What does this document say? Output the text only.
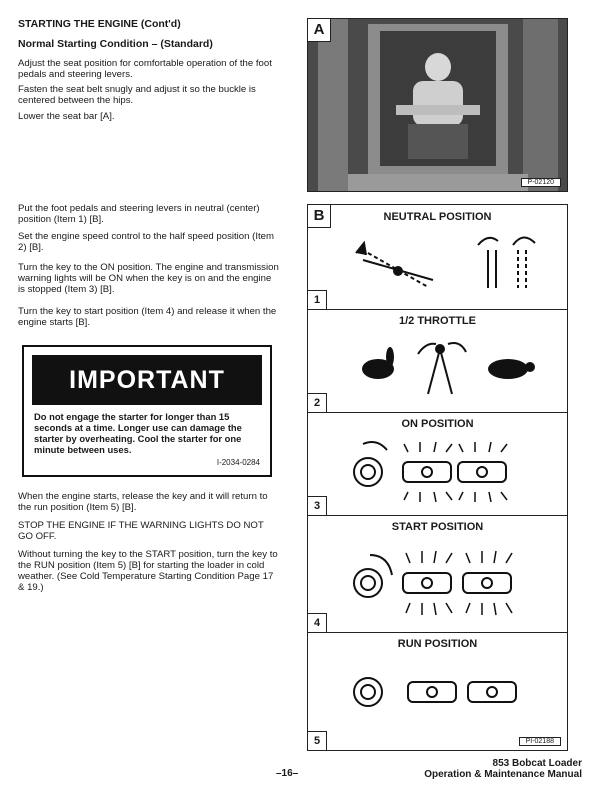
STARTING THE ENGINE (Cont'd)
Normal Starting Condition – (Standard)
Adjust the seat position for comfortable operation of the foot pedals and steering levers.
Fasten the seat belt snugly and adjust it so the buckle is centered between the hips.
Lower the seat bar [A].
Put the foot pedals and steering levers in neutral (center) position (Item 1) [B].
Set the engine speed control to the half speed position (Item 2) [B].
Turn the key to the ON position. The engine and transmission warning lights will be ON when the key is on and the engine is stopped (Item 3) [B].
Turn the key to start position (Item 4) and release it when the engine starts [B].
IMPORTANT
Do not engage the starter for longer than 15 seconds at a time. Longer use can damage the starter by overheating. Cool the starter for one minute between uses.
I-2034-0284
When the engine starts, release the key and it will return to the run position (Item 5) [B].
STOP THE ENGINE IF THE WARNING LIGHTS DO NOT GO OFF.
Without turning the key to the START position, turn the key to the RUN position (Item 5) [B] for starting the loader in cold weather. (See Cold Temperature Starting Condition Page 17 & 19.)
A
P-02120
NEUTRAL POSITION
1
1/2 THROTTLE
2
ON POSITION
3
START POSITION
4
RUN POSITION
5	PI-02188
B
–16–
853 Bobcat Loader
Operation & Maintenance Manual
